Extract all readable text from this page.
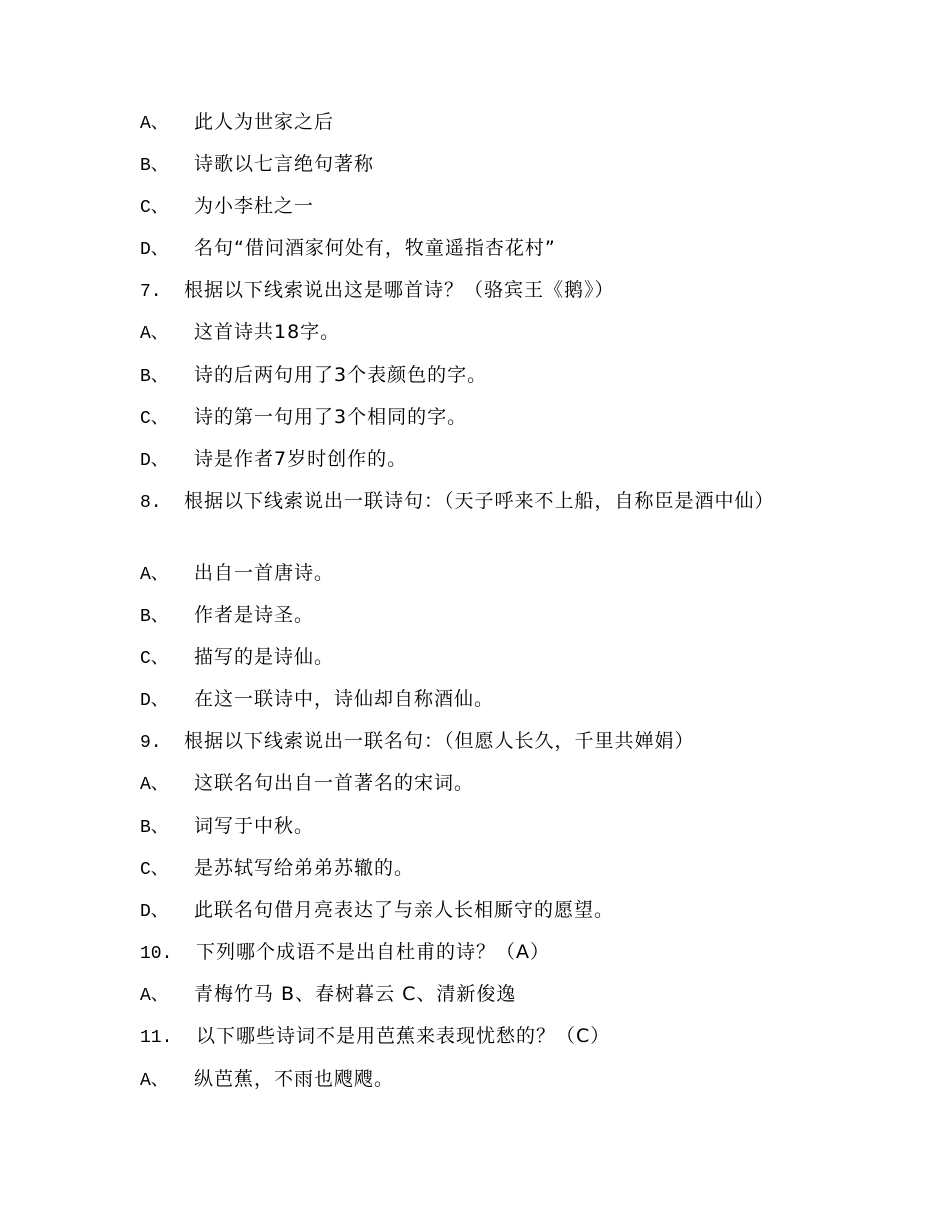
A、 此人为世家之后
B、 诗歌以七言绝句著称
C、 为小李杜之一
D、 名句“借问酒家何处有，牧童遥指杏花村”
7. 根据以下线索说出这是哪首诗？（骆宾王《鹅》）
A、 这首诗共18字。
B、 诗的后两句用了3个表颜色的字。
C、 诗的第一句用了3个相同的字。
D、 诗是作者7岁时创作的。
8. 根据以下线索说出一联诗句：（天子呼来不上船，自称臣是酒中仙）
A、 出自一首唐诗。
B、 作者是诗圣。
C、 描写的是诗仙。
D、 在这一联诗中，诗仙却自称酒仙。
9. 根据以下线索说出一联名句：（但愿人长久，千里共婵娟）
A、 这联名句出自一首著名的宋词。
B、 词写于中秋。
C、 是苏轼写给弟弟苏辙的。
D、 此联名句借月亮表达了与亲人长相厮守的愿望。
10. 下列哪个成语不是出自杜甫的诗？（A）
A、 青梅竹马 B、春树暮云 C、清新俊逸
11. 以下哪些诗词不是用芭蕉来表现忧愁的？（C）
A、 纵芭蕉，不雨也飕飕。
